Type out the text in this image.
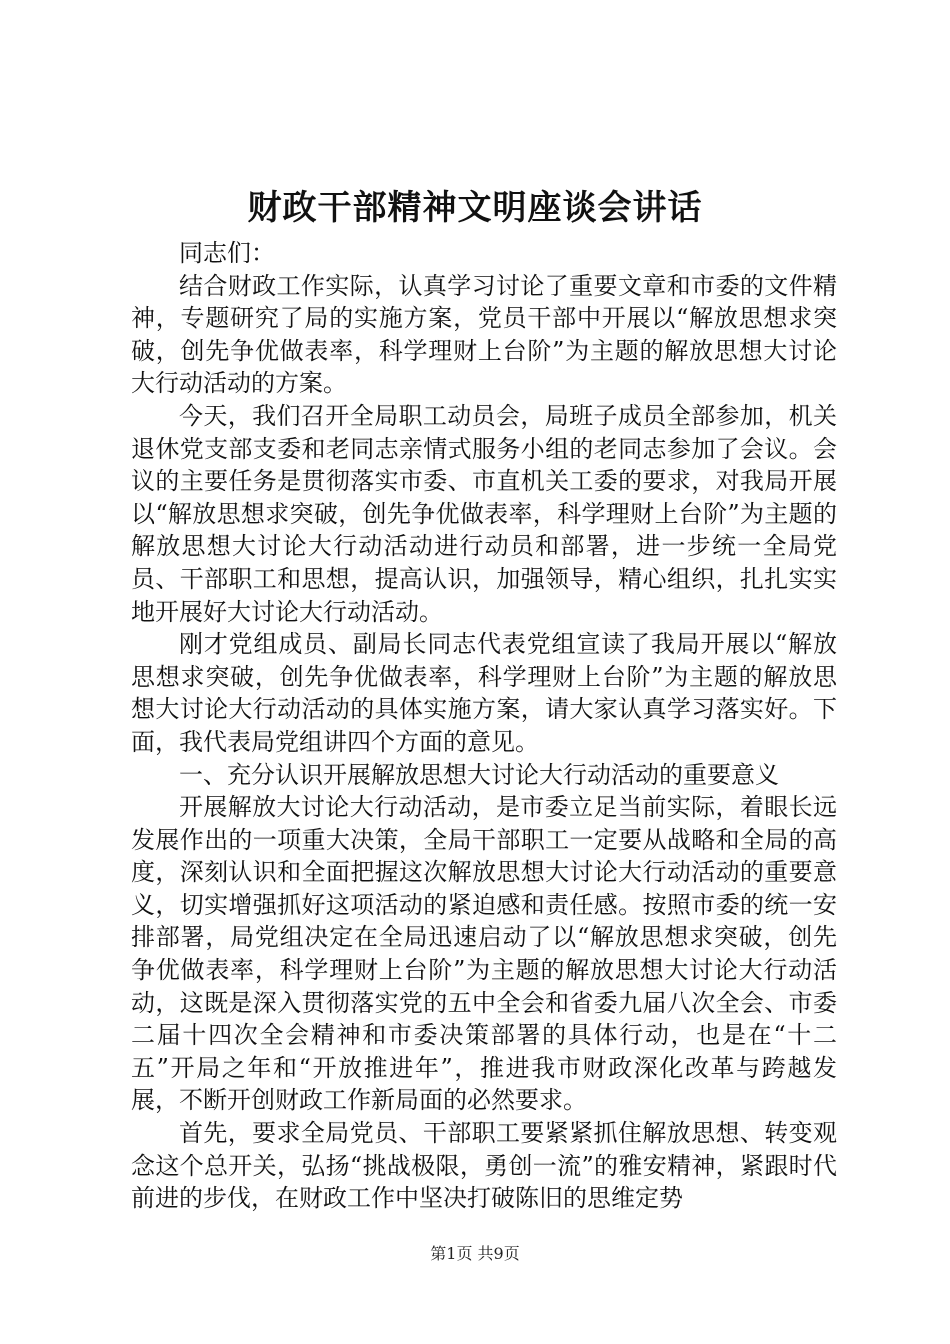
财政干部精神文明座谈会讲话

同志们：

结合财政工作实际，认真学习讨论了重要文章和市委的文件精神，专题研究了局的实施方案，党员干部中开展以“解放思想求突破，创先争优做表率，科学理财上台阶”为主题的解放思想大讨论大行动活动的方案。

今天，我们召开全局职工动员会，局班子成员全部参加，机关退休党支部支委和老同志亲情式服务小组的老同志参加了会议。会议的主要任务是贯彻落实市委、市直机关工委的要求，对我局开展以“解放思想求突破，创先争优做表率，科学理财上台阶”为主题的解放思想大讨论大行动活动进行动员和部署，进一步统一全局党员、干部职工和思想，提高认识，加强领导，精心组织，扎扎实实地开展好大讨论大行动活动。

刚才党组成员、副局长同志代表党组宣读了我局开展以“解放思想求突破，创先争优做表率，科学理财上台阶”为主题的解放思想大讨论大行动活动的具体实施方案，请大家认真学习落实好。下面，我代表局党组讲四个方面的意见。

一、充分认识开展解放思想大讨论大行动活动的重要意义

开展解放大讨论大行动活动，是市委立足当前实际，着眼长远发展作出的一项重大决策，全局干部职工一定要从战略和全局的高度，深刻认识和全面把握这次解放思想大讨论大行动活动的重要意义，切实增强抓好这项活动的紧迫感和责任感。按照市委的统一安排部署，局党组决定在全局迅速启动了以“解放思想求突破，创先争优做表率，科学理财上台阶”为主题的解放思想大讨论大行动活动，这既是深入贯彻落实党的五中全会和省委九届八次全会、市委二届十四次全会精神和市委决策部署的具体行动，也是在“十二五”开局之年和“开放推进年”，推进我市财政深化改革与跨越发展，不断开创财政工作新局面的必然要求。

首先，要求全局党员、干部职工要紧紧抓住解放思想、转变观念这个总开关，弘扬“挑战极限，勇创一流”的雅安精神，紧跟时代前进的步伐，在财政工作中坚决打破陈旧的思维定势

第1页 共9页
